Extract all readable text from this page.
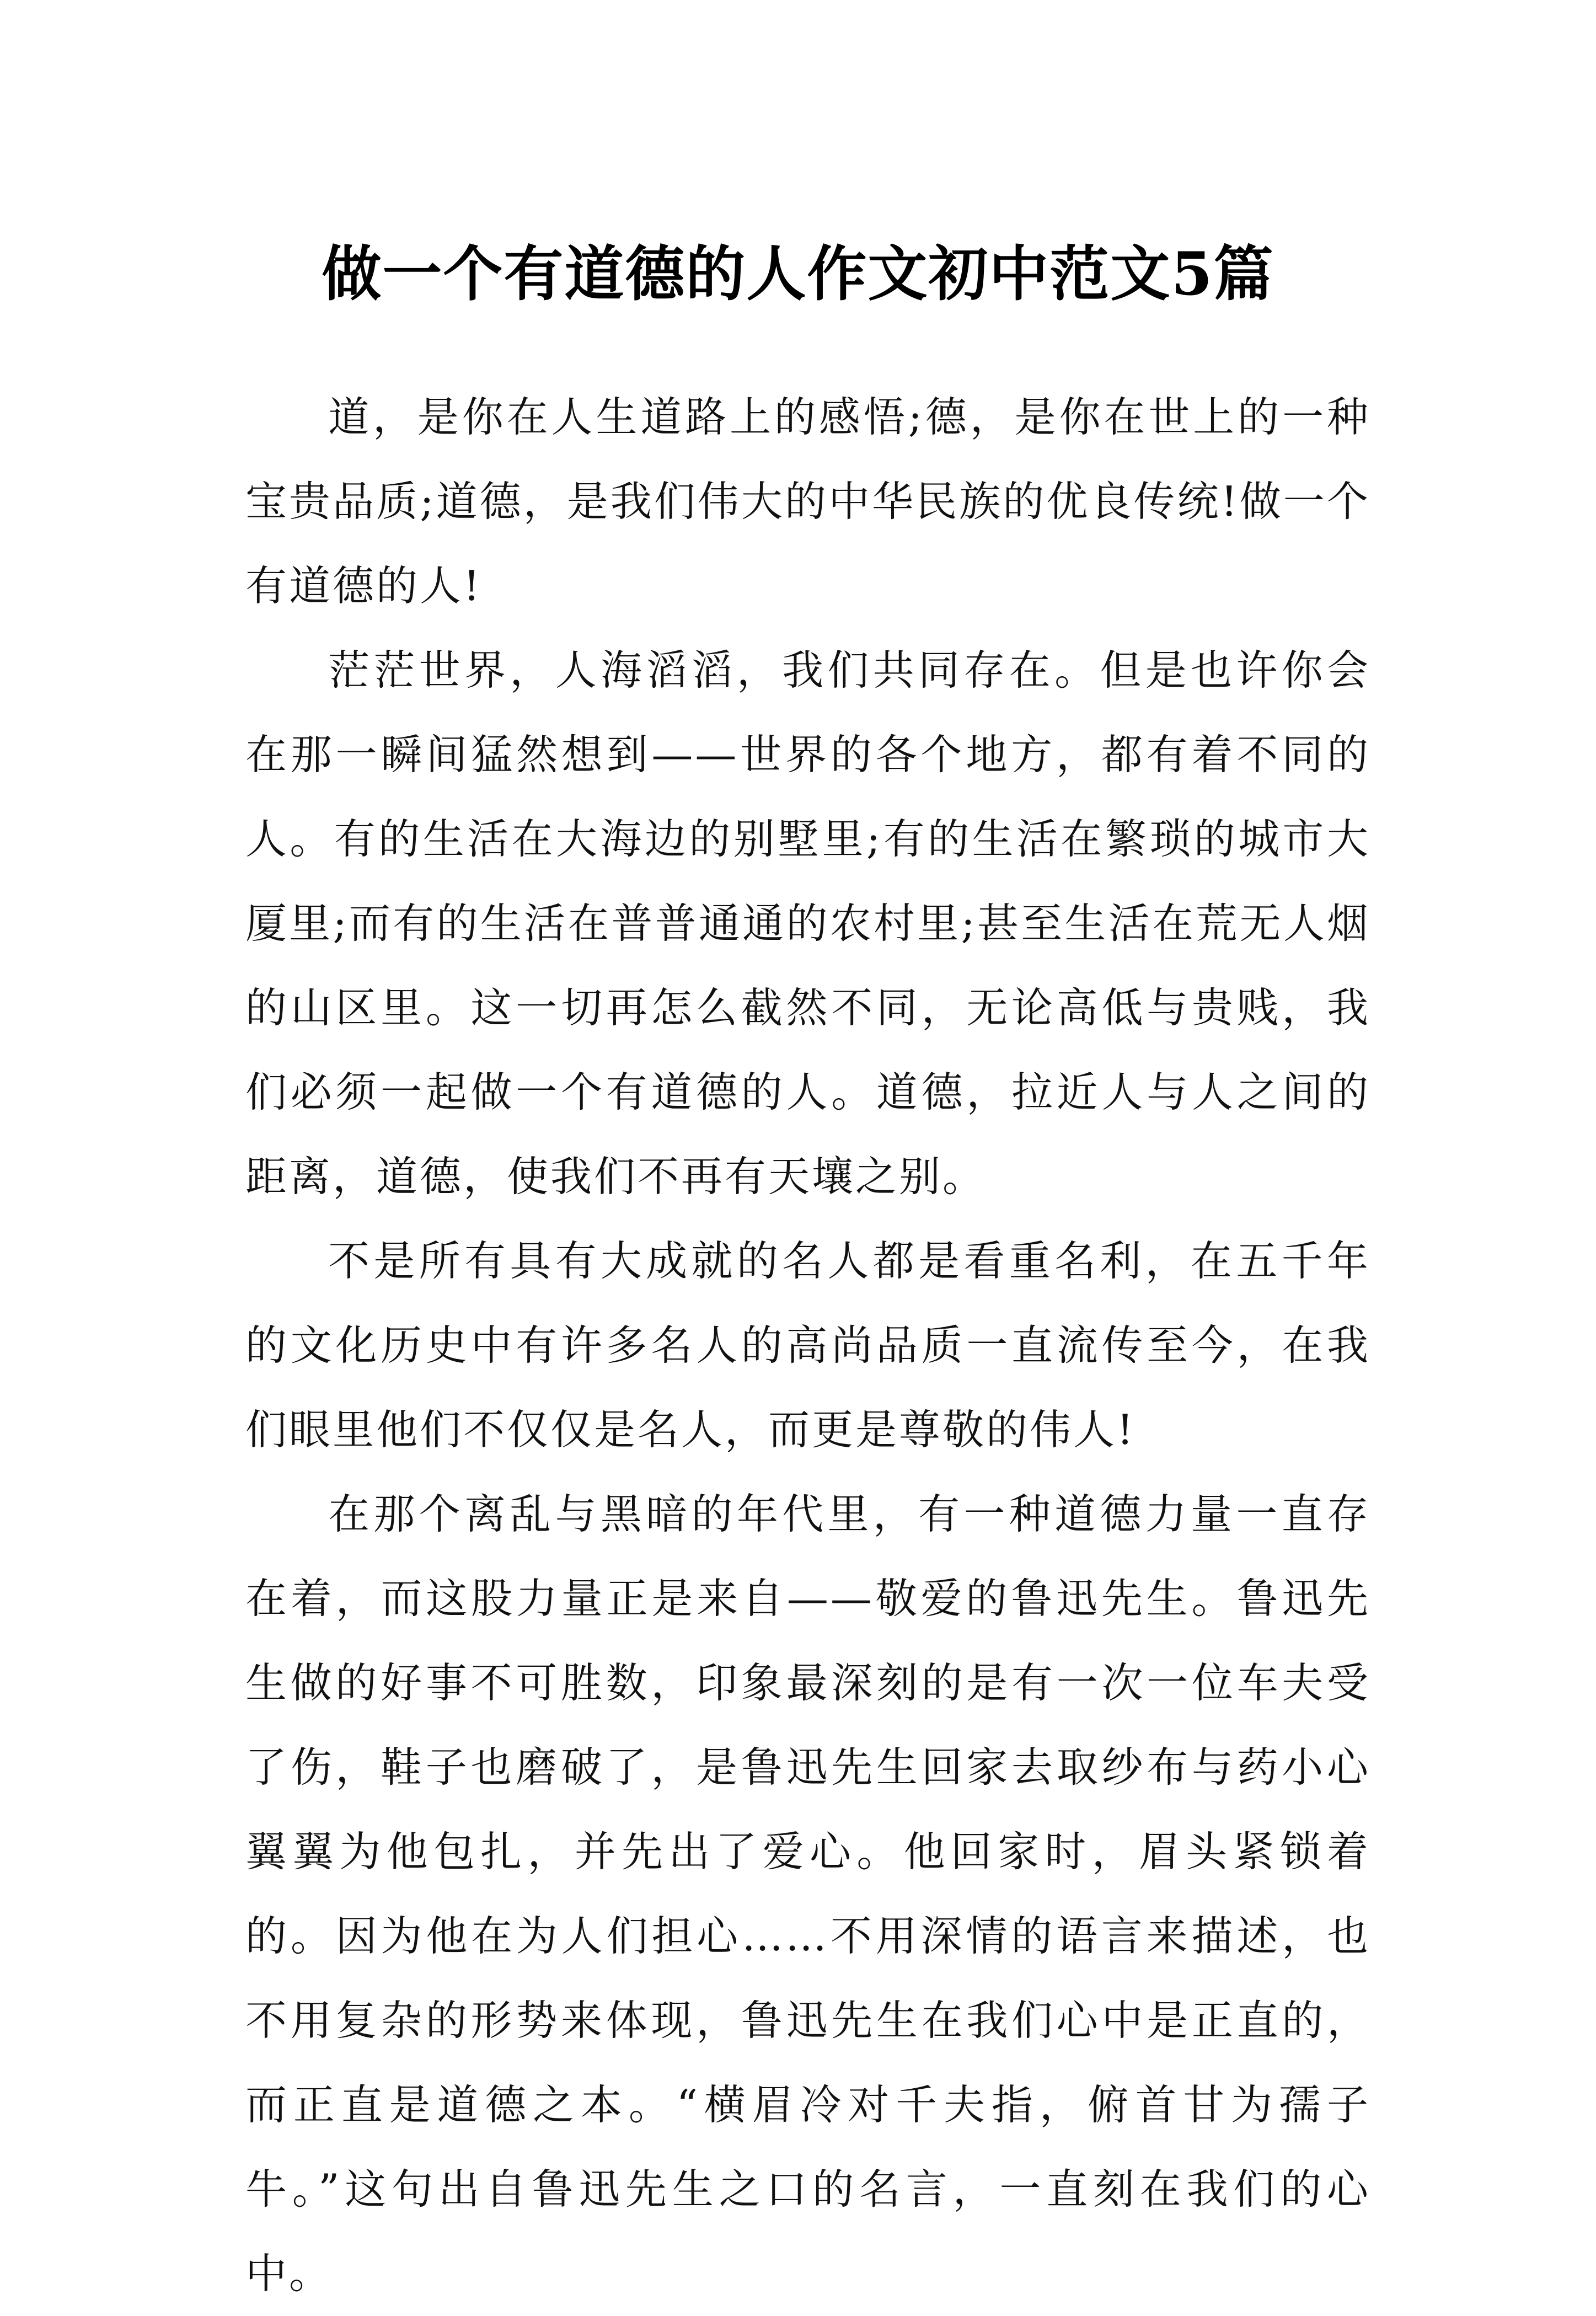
做一个有道德的人作文初中范文5篇

道，是你在人生道路上的感悟;德，是你在世上的一种宝贵品质;道德，是我们伟大的中华民族的优良传统!做一个有道德的人!

茫茫世界，人海滔滔，我们共同存在。但是也许你会在那一瞬间猛然想到——世界的各个地方，都有着不同的人。有的生活在大海边的别墅里;有的生活在繁琐的城市大厦里;而有的生活在普普通通的农村里;甚至生活在荒无人烟的山区里。这一切再怎么截然不同，无论高低与贵贱，我们必须一起做一个有道德的人。道德，拉近人与人之间的距离，道德，使我们不再有天壤之别。

不是所有具有大成就的名人都是看重名利，在五千年的文化历史中有许多名人的高尚品质一直流传至今，在我们眼里他们不仅仅是名人，而更是尊敬的伟人!

在那个离乱与黑暗的年代里，有一种道德力量一直存在着，而这股力量正是来自——敬爱的鲁迅先生。鲁迅先生做的好事不可胜数，印象最深刻的是有一次一位车夫受了伤，鞋子也磨破了，是鲁迅先生回家去取纱布与药小心翼翼为他包扎，并先出了爱心。他回家时，眉头紧锁着的。因为他在为人们担心……不用深情的语言来描述，也不用复杂的形势来体现，鲁迅先生在我们心中是正直的，而正直是道德之本。“横眉冷对千夫指，俯首甘为孺子牛。”这句出自鲁迅先生之口的名言，一直刻在我们的心中。
